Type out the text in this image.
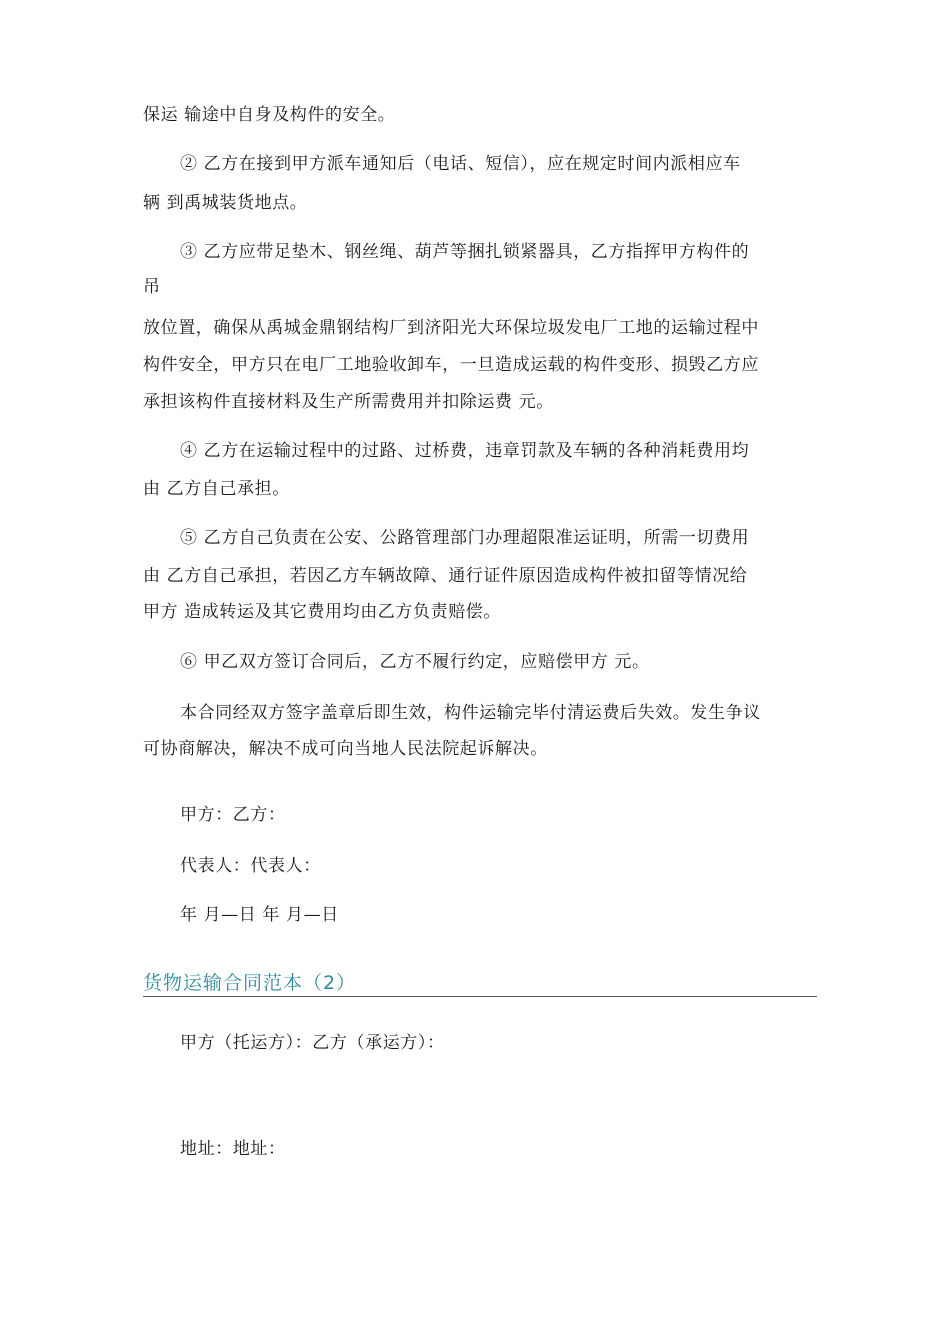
保运 输途中自身及构件的安全。
② 乙方在接到甲方派车通知后（电话、短信），应在规定时间内派相应车
辆 到禹城装货地点。
③ 乙方应带足垫木、钢丝绳、葫芦等捆扎锁紧器具，乙方指挥甲方构件的
吊
放位置，确保从禹城金鼎钢结构厂到济阳光大环保垃圾发电厂工地的运输过程中
构件安全，甲方只在电厂工地验收卸车，一旦造成运载的构件变形、损毁乙方应
承担该构件直接材料及生产所需费用并扣除运费 元。
④ 乙方在运输过程中的过路、过桥费，违章罚款及车辆的各种消耗费用均
由 乙方自己承担。
⑤ 乙方自己负责在公安、公路管理部门办理超限准运证明，所需一切费用
由 乙方自己承担，若因乙方车辆故障、通行证件原因造成构件被扣留等情况给
甲方 造成转运及其它费用均由乙方负责赔偿。
⑥ 甲乙双方签订合同后，乙方不履行约定，应赔偿甲方 元。
本合同经双方签字盖章后即生效，构件运输完毕付清运费后失效。发生争议
可协商解决，解决不成可向当地人民法院起诉解决。
甲方：乙方：
代表人：代表人：
年 月—日 年 月—日
货物运输合同范本（2）
甲方（托运方）：乙方（承运方）：
地址：地址：
